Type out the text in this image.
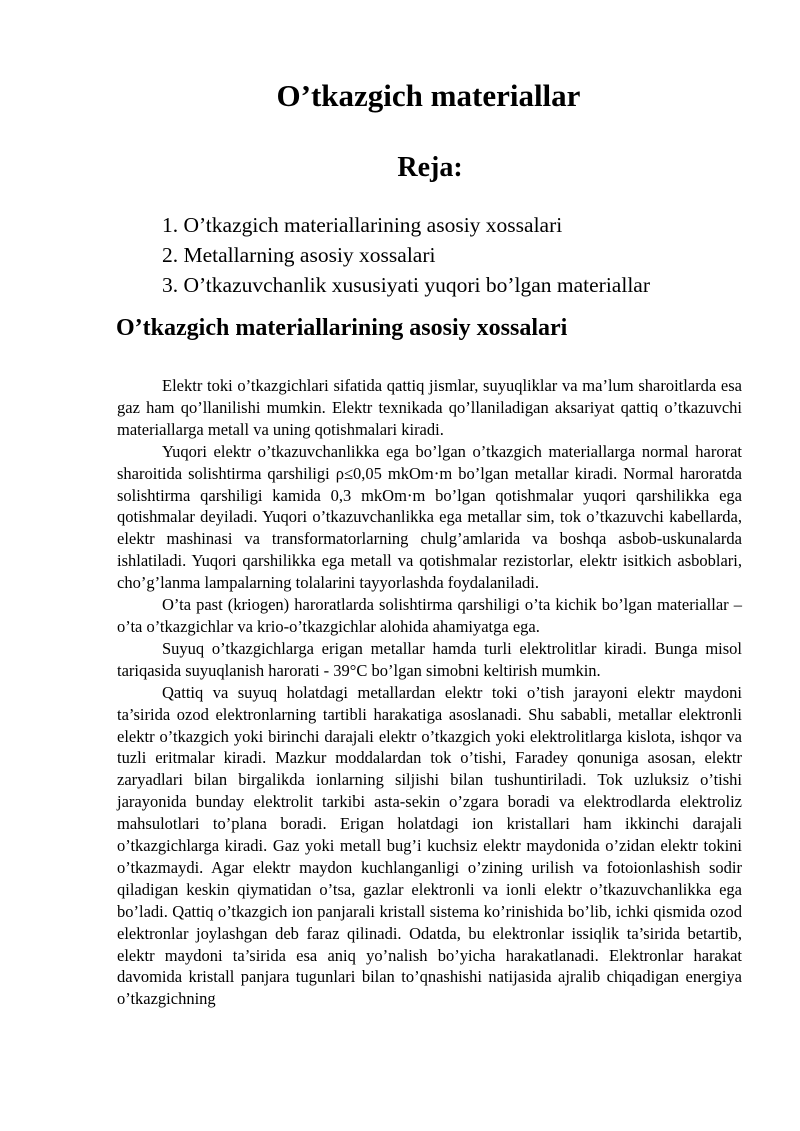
O’tkazgich materiallar
Reja:
1. O’tkazgich materiallarining asosiy xossalari
2. Metallarning asosiy xossalari
3. O’tkazuvchanlik xususiyati yuqori bo’lgan materiallar
O’tkazgich materiallarining asosiy xossalari

Elektr toki o’tkazgichlari sifatida qattiq jismlar, suyuqliklar va ma’lum sharoitlarda esa gaz ham qo’llanilishi mumkin. Elektr texnikada qo’llaniladigan aksariyat qattiq o’tkazuvchi materiallarga metall va uning qotishmalari kiradi.

Yuqori elektr o’tkazuvchanlikka ega bo’lgan o’tkazgich materiallarga normal harorat sharoitida solishtirma qarshiligi ρ≤0,05 mkOm⋅m bo’lgan metallar kiradi. Normal haroratda solishtirma qarshiligi kamida 0,3 mkOm⋅m bo’lgan qotishmalar yuqori qarshilikka ega qotishmalar deyiladi. Yuqori o’tkazuvchanlikka ega metallar sim, tok o’tkazuvchi kabellarda, elektr mashinasi va transformatorlarning chulg’amlarida va boshqa asbob-uskunalarda ishlatiladi. Yuqori qarshilikka ega metall va qotishmalar rezistorlar, elektr isitkich asboblari, cho’g’lanma lampalarning tolalarini tayyorlashda foydalaniladi.

O’ta past (kriogen) haroratlarda solishtirma qarshiligi o’ta kichik bo’lgan materiallar – o’ta o’tkazgichlar va krio-o’tkazgichlar alohida ahamiyatga ega.

Suyuq o’tkazgichlarga erigan metallar hamda turli elektrolitlar kiradi. Bunga misol tariqasida suyuqlanish harorati - 39°C bo’lgan simobni keltirish mumkin.

Qattiq va suyuq holatdagi metallardan elektr toki o’tish jarayoni elektr maydoni ta’sirida ozod elektronlarning tartibli harakatiga asoslanadi. Shu sababli, metallar elektronli elektr o’tkazgich yoki birinchi darajali elektr o’tkazgich yoki elektrolitlarga kislota, ishqor va tuzli eritmalar kiradi. Mazkur moddalardan tok o’tishi, Faradey qonuniga asosan, elektr zaryadlari bilan birgalikda ionlarning siljishi bilan tushuntiriladi. Tok uzluksiz o’tishi jarayonida bunday elektrolit tarkibi asta-sekin o’zgara boradi va elektrodlarda elektroliz mahsulotlari to’plana boradi. Erigan holatdagi ion kristallari ham ikkinchi darajali o’tkazgichlarga kiradi. Gaz yoki metall bug’i kuchsiz elektr maydonida o’zidan elektr tokini o’tkazmaydi. Agar elektr maydon kuchlanganligi o’zining urilish va fotoionlashish sodir qiladigan keskin qiymatidan o’tsa, gazlar elektronli va ionli elektr o’tkazuvchanlikka ega bo’ladi. Qattiq o’tkazgich ion panjarali kristall sistema ko’rinishida bo’lib, ichki qismida ozod elektronlar joylashgan deb faraz qilinadi. Odatda, bu elektronlar issiqlik ta’sirida betartib, elektr maydoni ta’sirida esa aniq yo’nalish bo’yicha harakatlanadi. Elektronlar harakat davomida kristall panjara tugunlari bilan to’qnashishi natijasida ajralib chiqadigan energiya o’tkazgichning
